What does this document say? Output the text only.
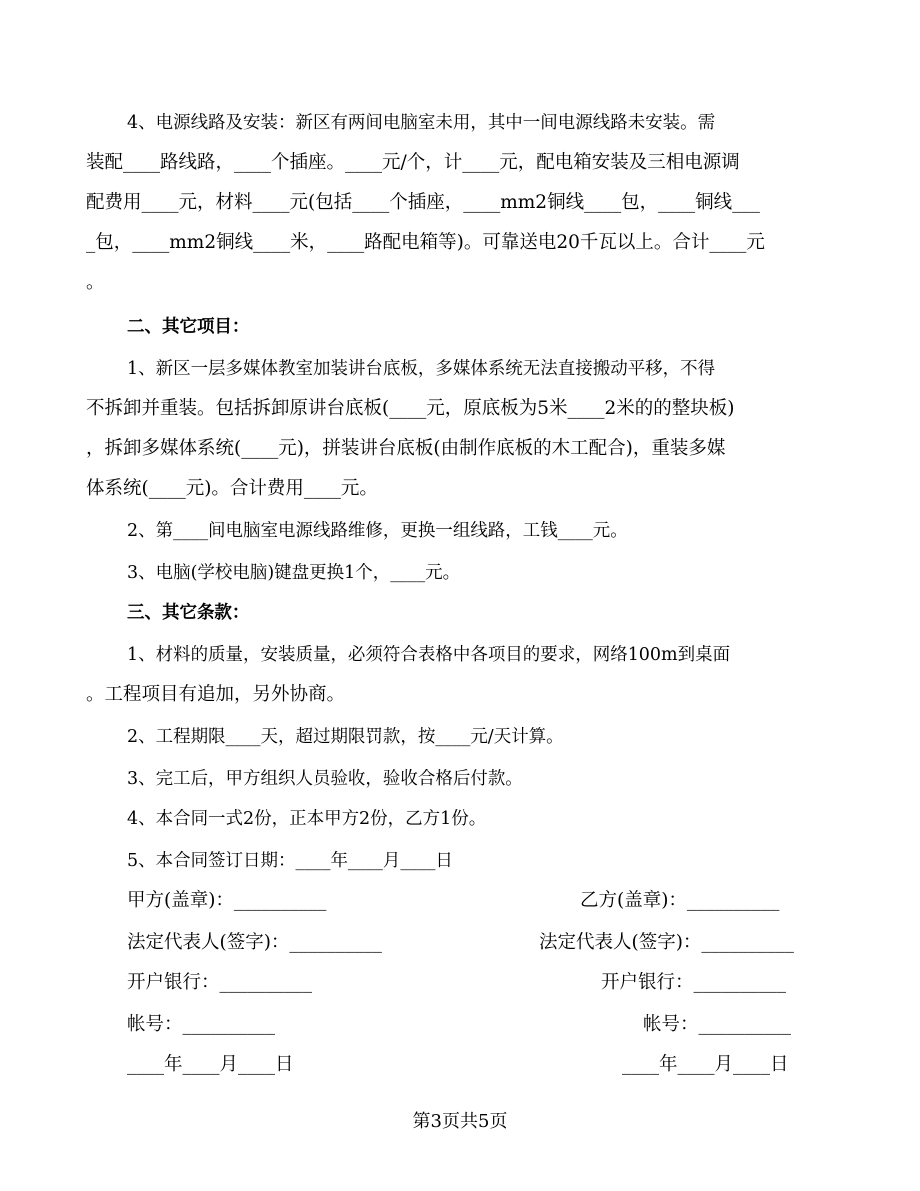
4、电源线路及安装：新区有两间电脑室未用，其中一间电源线路未安装。需
装配____路线路，____个插座。____元/个，计____元，配电箱安装及三相电源调
配费用____元，材料____元(包括____个插座，____mm2铜线____包，____铜线___
_包，____mm2铜线____米，____路配电箱等)。可靠送电20千瓦以上。合计____元
。
二、其它项目：
1、新区一层多媒体教室加装讲台底板，多媒体系统无法直接搬动平移，不得
不拆卸并重装。包括拆卸原讲台底板(____元，原底板为5米____2米的的整块板)
，拆卸多媒体系统(____元)，拼装讲台底板(由制作底板的木工配合)，重装多媒
体系统(____元)。合计费用____元。
2、第____间电脑室电源线路维修，更换一组线路，工钱____元。
3、电脑(学校电脑)键盘更换1个，____元。
三、其它条款：
1、材料的质量，安装质量，必须符合表格中各项目的要求，网络100m到桌面
。工程项目有追加，另外协商。
2、工程期限____天，超过期限罚款，按____元/天计算。
3、完工后，甲方组织人员验收，验收合格后付款。
4、本合同一式2份，正本甲方2份，乙方1份。
5、本合同签订日期：____年____月____日
甲方(盖章)：__________
法定代表人(签字)：__________
开户银行：__________
帐号：__________
____年____月____日
乙方(盖章)：__________
法定代表人(签字)：__________
开户银行：__________
帐号：__________
____年____月____日
第3页共5页
